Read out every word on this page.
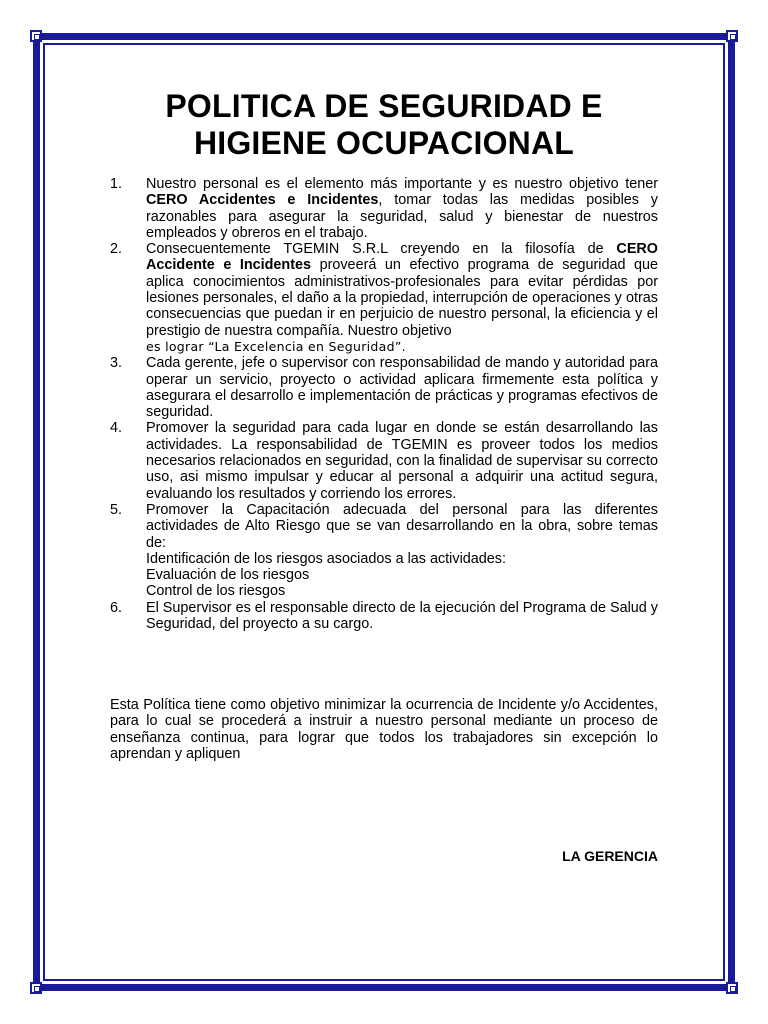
POLITICA DE SEGURIDAD E
HIGIENE OCUPACIONAL
1. Nuestro personal es el elemento más importante y es nuestro objetivo tener CERO Accidentes e Incidentes, tomar todas las medidas posibles y razonables para asegurar la seguridad, salud y bienestar de nuestros empleados y obreros en el trabajo.
2. Consecuentemente TGEMIN S.R.L creyendo en la filosofía de CERO Accidente e Incidentes proveerá un efectivo programa de seguridad que aplica conocimientos administrativos-profesionales para evitar pérdidas por lesiones personales, el daño a la propiedad, interrupción de operaciones y otras consecuencias que puedan ir en perjuicio de nuestro personal, la eficiencia y el prestigio de nuestra compañía. Nuestro objetivo
es lograr “La Excelencia en Seguridad”.
3. Cada gerente, jefe o supervisor con responsabilidad de mando y autoridad para operar un servicio, proyecto o actividad aplicara firmemente esta política y asegurara el desarrollo e implementación de prácticas y programas efectivos de seguridad.
4. Promover la seguridad para cada lugar en donde se están desarrollando las actividades. La responsabilidad de TGEMIN es proveer todos los medios necesarios relacionados en seguridad, con la finalidad de supervisar su correcto uso, asi mismo impulsar y educar al personal a adquirir una actitud segura, evaluando los resultados y corriendo los errores.
5. Promover la Capacitación adecuada del personal para las diferentes actividades de Alto Riesgo que se van desarrollando en la obra, sobre temas de:
Identificación de los riesgos asociados a las actividades:
Evaluación de los riesgos
Control de los riesgos
6. El Supervisor es el responsable directo de la ejecución del Programa de Salud y Seguridad, del proyecto a su cargo.

Esta Política tiene como objetivo minimizar la ocurrencia de Incidente y/o Accidentes, para lo cual se procederá a instruir a nuestro personal mediante un proceso de enseñanza continua, para lograr que todos los trabajadores sin excepción lo aprendan y apliquen

LA GERENCIA
